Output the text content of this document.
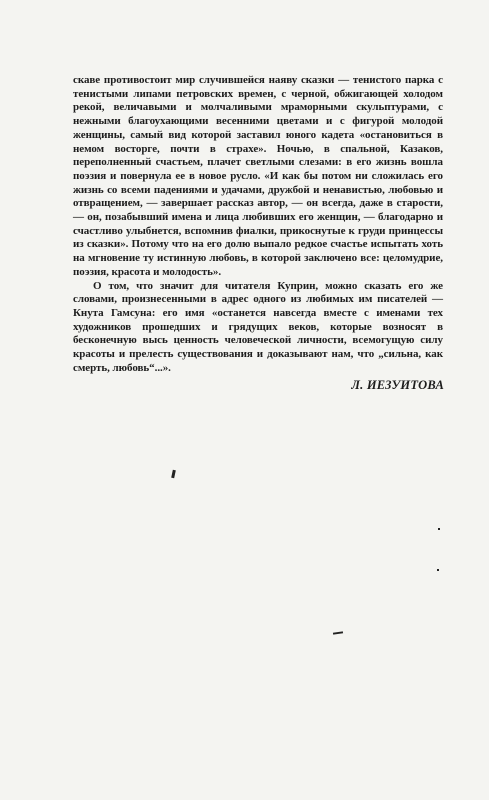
скаве противостоит мир случившейся наяву сказки — тенистого парка с тенистыми липами петровских времен, с черной, обжигающей холодом рекой, величавыми и молчаливыми мраморными скульптурами, с нежными благоухающими весенними цветами и с фигурой молодой женщины, самый вид которой заставил юного кадета «остановиться в немом восторге, почти в страхе». Ночью, в спальной, Казаков, переполненный счастьем, плачет светлыми слезами: в его жизнь вошла поэзия и повернула ее в новое русло. «И как бы потом ни сложилась его жизнь со всеми падениями и удачами, дружбой и ненавистью, любовью и отвращением, — завершает рассказ автор, — он всегда, даже в старости, — он, позабывший имена и лица любивших его женщин, — благодарно и счастливо улыбнется, вспомнив фиалки, прикоснутые к груди принцессы из сказки». Потому что на его долю выпало редкое счастье испытать хоть на мгновение ту истинную любовь, в которой заключено все: целомудрие, поэзия, красота и молодость».

О том, что значит для читателя Куприн, можно сказать его же словами, произнесенными в адрес одного из любимых им писателей — Кнута Гамсуна: его имя «останется навсегда вместе с именами тех художников прошедших и грядущих веков, которые возносят в бесконечную высь ценность человеческой личности, всемогущую силу красоты и прелесть существования и доказывают нам, что „сильна, как смерть, любовь“...».

Л. ИЕЗУИТОВА
